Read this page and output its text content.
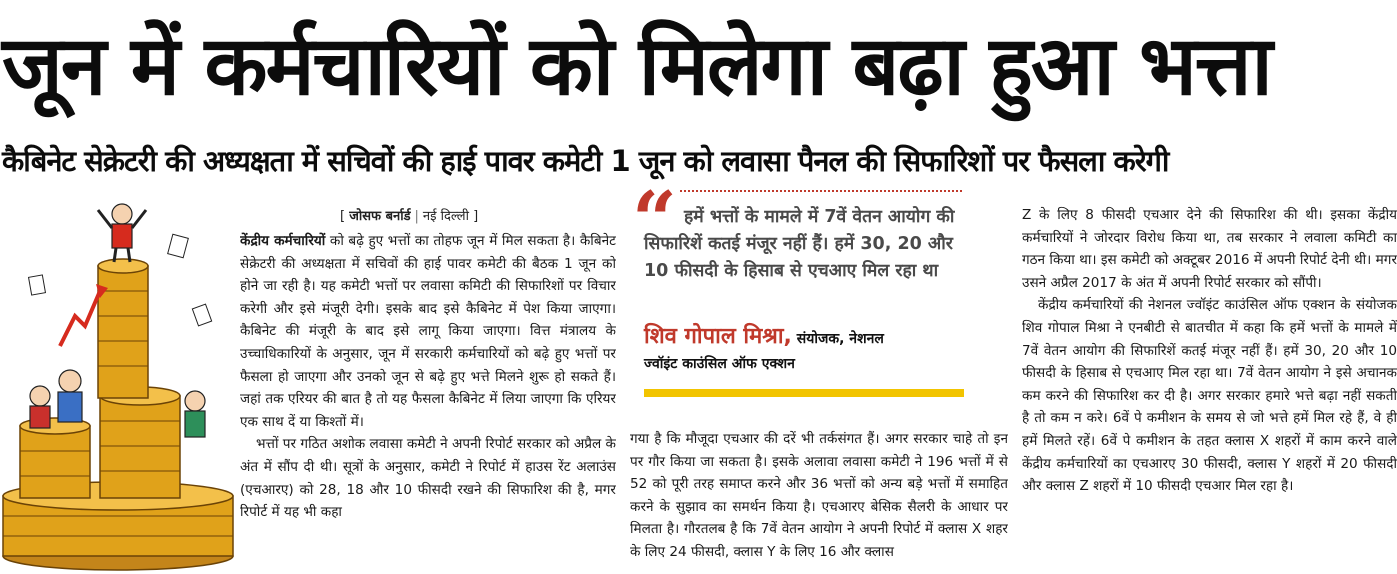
जून में कर्मचारियों को मिलेगा बढ़ा हुआ भत्ता
कैबिनेट सेक्रेटरी की अध्यक्षता में सचिवों की हाई पावर कमेटी 1 जून को लवासा पैनल की सिफारिशों पर फैसला करेगी
[ जोसफ बर्नार्ड | नई दिल्ली ]

केंद्रीय कर्मचारियों को बढ़े हुए भत्तों का तोहफ जून में मिल सकता है। कैबिनेट सेक्रेटरी की अध्यक्षता में सचिवों की हाई पावर कमेटी की बैठक 1 जून को होने जा रही है। यह कमेटी भत्तों पर लवासा कमिटी की सिफारिशों पर विचार करेगी और इसे मंजूरी देगी। इसके बाद इसे कैबिनेट में पेश किया जाएगा। कैबिनेट की मंजूरी के बाद इसे लागू किया जाएगा। वित्त मंत्रालय के उच्चाधिकारियों के अनुसार, जून में सरकारी कर्मचारियों को बढ़े हुए भत्तों पर फैसला हो जाएगा और उनको जून से बढ़े हुए भत्ते मिलने शुरू हो सकते हैं। जहां तक एरियर की बात है तो यह फैसला कैबिनेट में लिया जाएगा कि एरियर एक साथ दें या किश्तों में।

भत्तों पर गठित अशोक लवासा कमेटी ने अपनी रिपोर्ट सरकार को अप्रैल के अंत में सौंप दी थी। सूत्रों के अनुसार, कमेटी ने रिपोर्ट में हाउस रेंट अलाउंस (एचआरए) को 28, 18 और 10 फीसदी रखने की सिफारिश की है, मगर रिपोर्ट में यह भी कहा

“ हमें भत्तों के मामले में 7वें वेतन आयोग की सिफारिशें कतई मंजूर नहीं हैं। हमें 30, 20 और 10 फीसदी के हिसाब से एचआए मिल रहा था
शिव गोपाल मिश्रा, संयोजक, नेशनल
ज्वॉइंट काउंसिल ऑफ एक्शन

गया है कि मौजूदा एचआर की दरें भी तर्कसंगत हैं। अगर सरकार चाहे तो इन पर गौर किया जा सकता है। इसके अलावा लवासा कमेटी ने 196 भत्तों में से 52 को पूरी तरह समाप्त करने और 36 भत्तों को अन्य बड़े भत्तों में समाहित करने के सुझाव का समर्थन किया है। एचआरए बेसिक सैलरी के आधार पर मिलता है। गौरतलब है कि 7वें वेतन आयोग ने अपनी रिपोर्ट में क्लास X शहर के लिए 24 फीसदी, क्लास Y के लिए 16 और क्लास

Z के लिए 8 फीसदी एचआर देने की सिफारिश की थी। इसका केंद्रीय कर्मचारियों ने जोरदार विरोध किया था, तब सरकार ने लवाला कमिटी का गठन किया था। इस कमेटी को अक्टूबर 2016 में अपनी रिपोर्ट देनी थी। मगर उसने अप्रैल 2017 के अंत में अपनी रिपोर्ट सरकार को सौंपी।

केंद्रीय कर्मचारियों की नेशनल ज्वॉइंट काउंसिल ऑफ एक्शन के संयोजक शिव गोपाल मिश्रा ने एनबीटी से बातचीत में कहा कि हमें भत्तों के मामले में 7वें वेतन आयोग की सिफारिशें कतई मंजूर नहीं हैं। हमें 30, 20 और 10 फीसदी के हिसाब से एचआए मिल रहा था। 7वें वेतन आयोग ने इसे अचानक कम करने की सिफारिश कर दी है। अगर सरकार हमारे भत्ते बढ़ा नहीं सकती है तो कम न करे। 6वें पे कमीशन के समय से जो भत्ते हमें मिल रहे हैं, वे ही हमें मिलते रहें। 6वें पे कमीशन के तहत क्लास X शहरों में काम करने वाले केंद्रीय कर्मचारियों का एचआरए 30 फीसदी, क्लास Y शहरों में 20 फीसदी और क्लास Z शहरों में 10 फीसदी एचआर मिल रहा है।
